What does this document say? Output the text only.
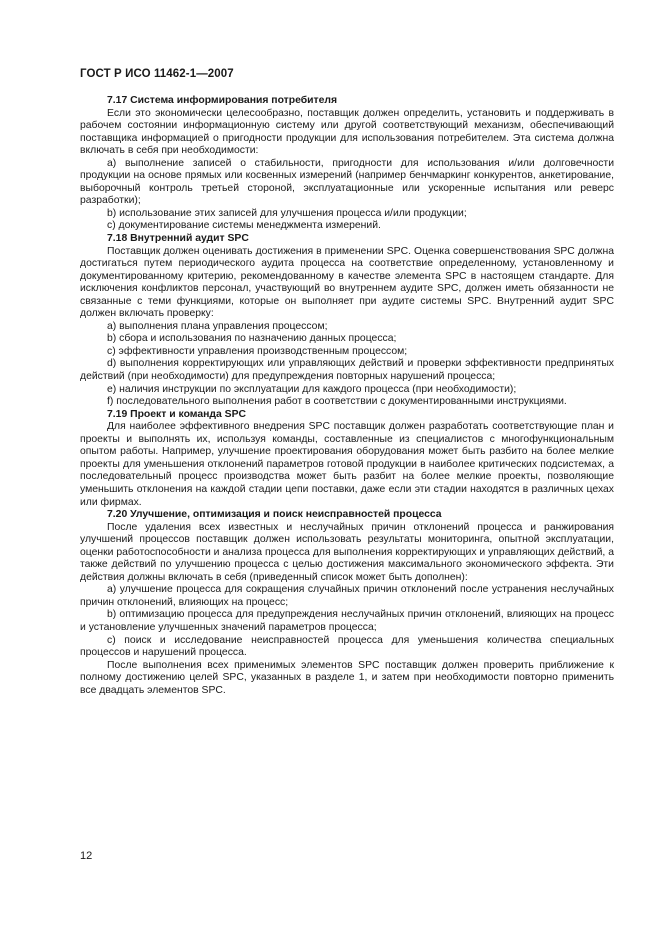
ГОСТ Р ИСО 11462-1—2007
7.17 Система информирования потребителя

Если это экономически целесообразно, поставщик должен определить, установить и поддерживать в рабочем состоянии информационную систему или другой соответствующий механизм, обеспечивающий поставщика информацией о пригодности продукции для использования потребителем. Эта система должна включать в себя при необходимости:

a) выполнение записей о стабильности, пригодности для использования и/или долговечности продукции на основе прямых или косвенных измерений (например бенчмаркинг конкурентов, анкетирование, выборочный контроль третьей стороной, эксплуатационные или ускоренные испытания или реверс разработки);

b) использование этих записей для улучшения процесса и/или продукции;

c) документирование системы менеджмента измерений.

7.18 Внутренний аудит SPC

Поставщик должен оценивать достижения в применении SPC. Оценка совершенствования SPC должна достигаться путем периодического аудита процесса на соответствие определенному, установленному и документированному критерию, рекомендованному в качестве элемента SPC в настоящем стандарте. Для исключения конфликтов персонал, участвующий во внутреннем аудите SPC, должен иметь обязанности не связанные с теми функциями, которые он выполняет при аудите системы SPC. Внутренний аудит SPC должен включать проверку:

a) выполнения плана управления процессом;

b) сбора и использования по назначению данных процесса;

c) эффективности управления производственным процессом;

d) выполнения корректирующих или управляющих действий и проверки эффективности предпринятых действий (при необходимости) для предупреждения повторных нарушений процесса;

e) наличия инструкции по эксплуатации для каждого процесса (при необходимости);

f) последовательного выполнения работ в соответствии с документированными инструкциями.

7.19 Проект и команда SPC

Для наиболее эффективного внедрения SPC поставщик должен разработать соответствующие план и проекты и выполнять их, используя команды, составленные из специалистов с многофункциональным опытом работы. Например, улучшение проектирования оборудования может быть разбито на более мелкие проекты для уменьшения отклонений параметров готовой продукции в наиболее критических подсистемах, а последовательный процесс производства может быть разбит на более мелкие проекты, позволяющие уменьшить отклонения на каждой стадии цепи поставки, даже если эти стадии находятся в различных цехах или фирмах.

7.20 Улучшение, оптимизация и поиск неисправностей процесса

После удаления всех известных и неслучайных причин отклонений процесса и ранжирования улучшений процессов поставщик должен использовать результаты мониторинга, опытной эксплуатации, оценки работоспособности и анализа процесса для выполнения корректирующих и управляющих действий, а также действий по улучшению процесса с целью достижения максимального экономического эффекта. Эти действия должны включать в себя (приведенный список может быть дополнен):

a) улучшение процесса для сокращения случайных причин отклонений после устранения неслучайных причин отклонений, влияющих на процесс;

b) оптимизацию процесса для предупреждения неслучайных причин отклонений, влияющих на процесс и установление улучшенных значений параметров процесса;

c) поиск и исследование неисправностей процесса для уменьшения количества специальных процессов и нарушений процесса.

После выполнения всех применимых элементов SPC поставщик должен проверить приближение к полному достижению целей SPC, указанных в разделе 1, и затем при необходимости повторно применить все двадцать элементов SPC.

12
